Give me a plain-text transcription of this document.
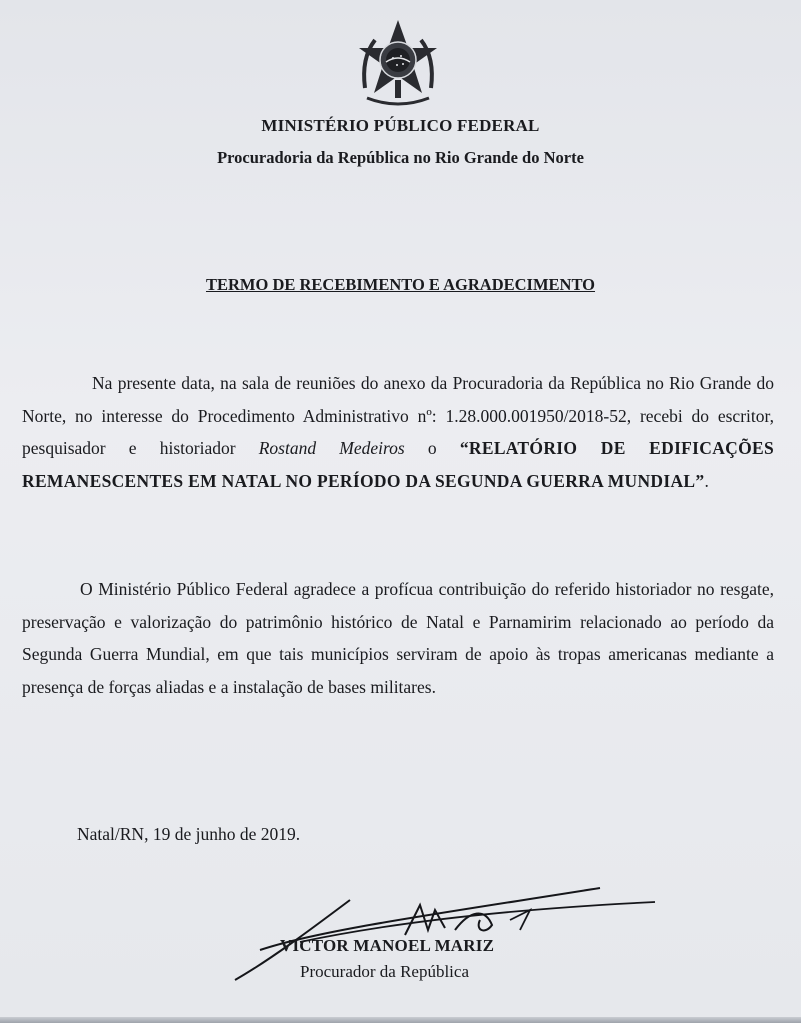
MINISTÉRIO PÚBLICO FEDERAL
Procuradoria da República no Rio Grande do Norte
TERMO DE RECEBIMENTO E AGRADECIMENTO

Na presente data, na sala de reuniões do anexo da Procuradoria da República no Rio Grande do Norte, no interesse do Procedimento Administrativo nº: 1.28.000.001950/2018-52, recebi do escritor, pesquisador e historiador Rostand Medeiros o “RELATÓRIO DE EDIFICAÇÕES REMANESCENTES EM NATAL NO PERÍODO DA SEGUNDA GUERRA MUNDIAL”.

O Ministério Público Federal agradece a profícua contribuição do referido historiador no resgate, preservação e valorização do patrimônio histórico de Natal e Parnamirim relacionado ao período da Segunda Guerra Mundial, em que tais municípios serviram de apoio às tropas americanas mediante a presença de forças aliadas e a instalação de bases militares.

Natal/RN, 19 de junho de 2019.
VICTOR MANOEL MARIZ
Procurador da República
